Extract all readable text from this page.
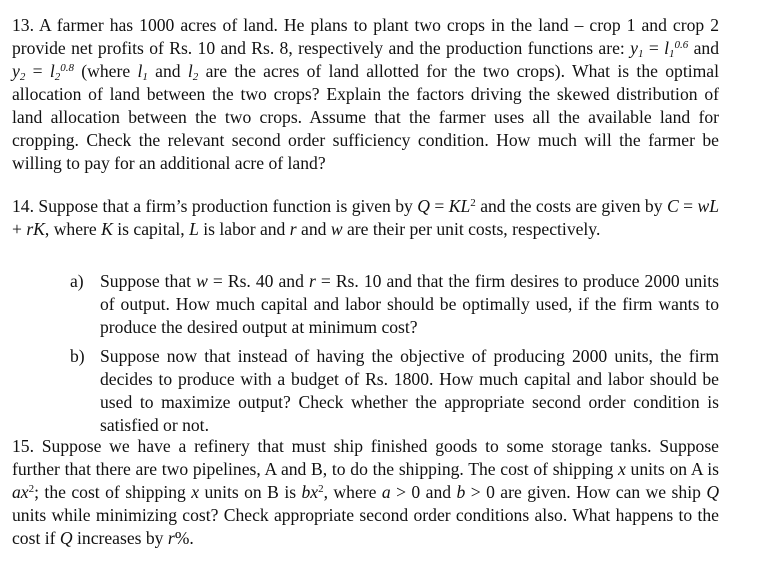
13. A farmer has 1000 acres of land. He plans to plant two crops in the land – crop 1 and crop 2 provide net profits of Rs. 10 and Rs. 8, respectively and the production functions are: $y_1 = l_1^{0.6}$ and $y_2 = l_2^{0.8}$ (where $l_1$ and $l_2$ are the acres of land allotted for the two crops). What is the optimal allocation of land between the two crops? Explain the factors driving the skewed distribution of land allocation between the two crops. Assume that the farmer uses all the available land for cropping. Check the relevant second order sufficiency condition. How much will the farmer be willing to pay for an additional acre of land?
14. Suppose that a firm’s production function is given by $Q = KL^2$ and the costs are given by C = wL + rK, where K is capital, L is labor and r and w are their per unit costs, respectively.
a) Suppose that w = Rs. 40 and r = Rs. 10 and that the firm desires to produce 2000 units of output. How much capital and labor should be optimally used, if the firm wants to produce the desired output at minimum cost?
b) Suppose now that instead of having the objective of producing 2000 units, the firm decides to produce with a budget of Rs. 1800. How much capital and labor should be used to maximize output? Check whether the appropriate second order condition is satisfied or not.
15. Suppose we have a refinery that must ship finished goods to some storage tanks. Suppose further that there are two pipelines, A and B, to do the shipping. The cost of shipping x units on A is $ax^2$; the cost of shipping x units on B is $bx^2$, where a > 0 and b > 0 are given. How can we ship Q units while minimizing cost? Check appropriate second order conditions also. What happens to the cost if Q increases by r%.
